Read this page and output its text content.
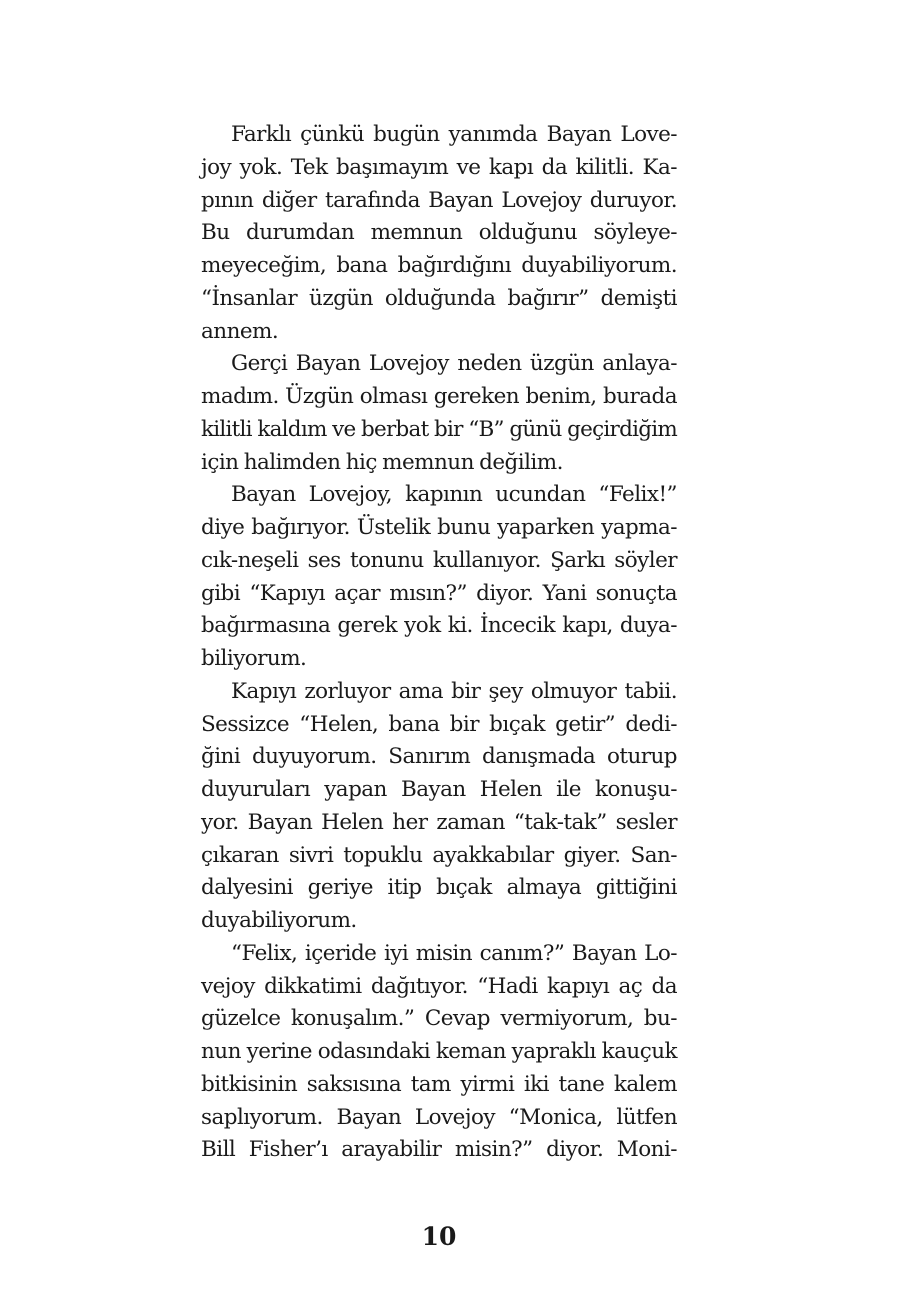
Farklı çünkü bugün yanımda Bayan Love-
joy yok. Tek başımayım ve kapı da kilitli. Ka-
pının diğer tarafında Bayan Lovejoy duruyor.
Bu durumdan memnun olduğunu söyleye-
meyeceğim, bana bağırdığını duyabiliyorum.
“İnsanlar üzgün olduğunda bağırır” demişti
annem.
Gerçi Bayan Lovejoy neden üzgün anlaya-
madım. Üzgün olması gereken benim, burada
kilitli kaldım ve berbat bir “B” günü geçirdiğim
için halimden hiç memnun değilim.
Bayan Lovejoy, kapının ucundan “Felix!”
diye bağırıyor. Üstelik bunu yaparken yapma-
cık-neşeli ses tonunu kullanıyor. Şarkı söyler
gibi “Kapıyı açar mısın?” diyor. Yani sonuçta
bağırmasına gerek yok ki. İncecik kapı, duya-
biliyorum.
Kapıyı zorluyor ama bir şey olmuyor tabii.
Sessizce “Helen, bana bir bıçak getir” dedi-
ğini duyuyorum. Sanırım danışmada oturup
duyuruları yapan Bayan Helen ile konuşu-
yor. Bayan Helen her zaman “tak-tak” sesler
çıkaran sivri topuklu ayakkabılar giyer. San-
dalyesini geriye itip bıçak almaya gittiğini
duyabiliyorum.
“Felix, içeride iyi misin canım?” Bayan Lo-
vejoy dikkatimi dağıtıyor. “Hadi kapıyı aç da
güzelce konuşalım.” Cevap vermiyorum, bu-
nun yerine odasındaki keman yapraklı kauçuk
bitkisinin saksısına tam yirmi iki tane kalem
saplıyorum. Bayan Lovejoy “Monica, lütfen
Bill Fisher’ı arayabilir misin?” diyor. Moni-
10
